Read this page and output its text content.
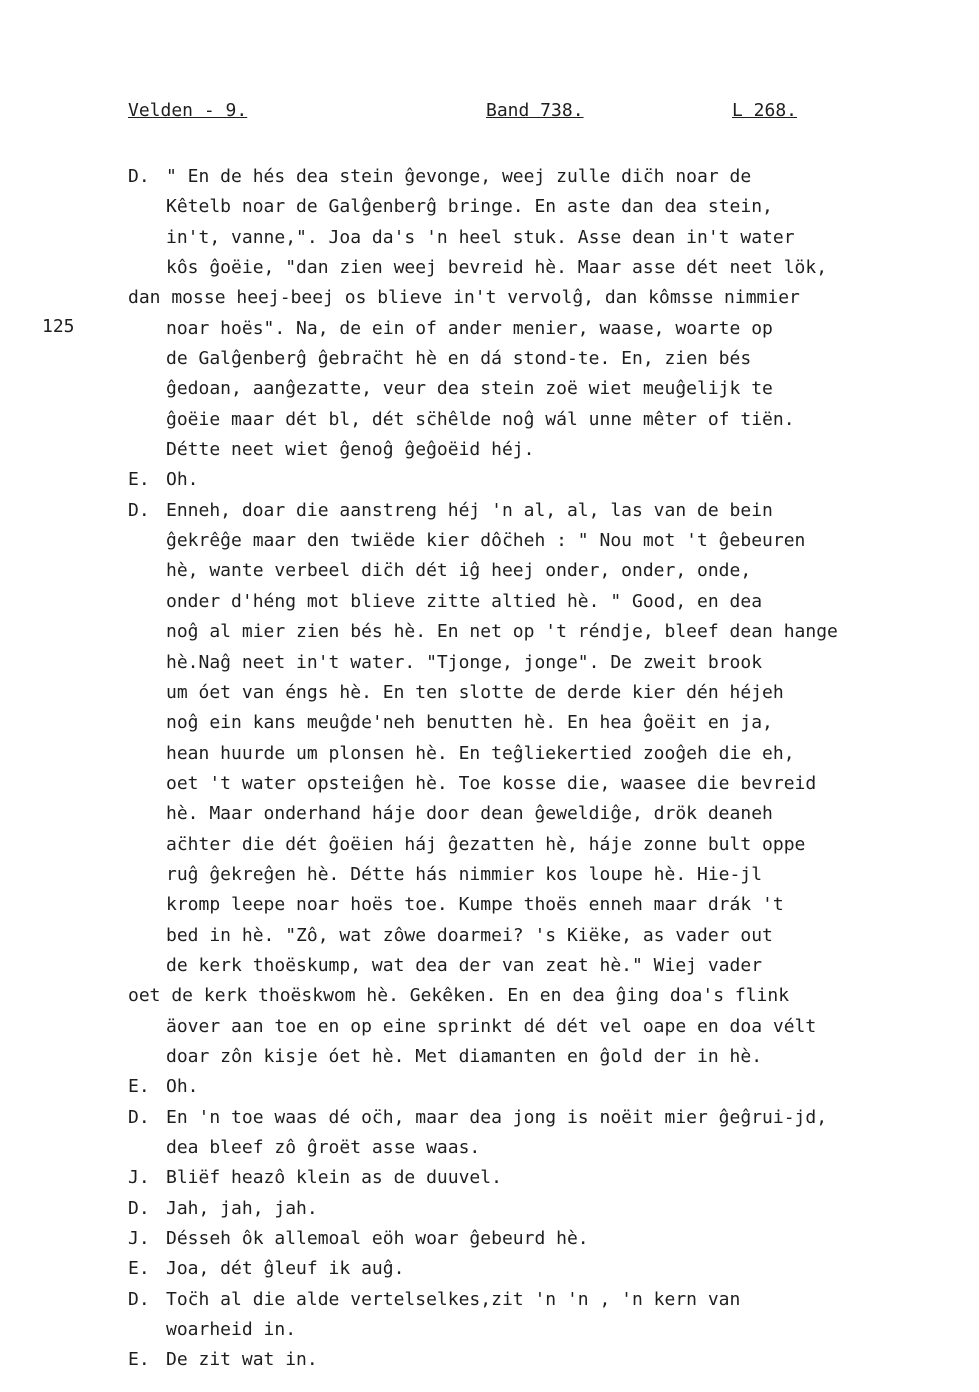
Velden - 9.	Band 738.	L 268.
125
D. " En de hés dea stein ĝevonge, weej zulle dic̈h noar de
Kêtelb noar de Galĝenberĝ bringe. En aste dan dea stein,
in't, vanne,". Joa da's 'n heel stuk. Asse dean in't water
kôs ĝoëie, "dan zien weej bevreid hè. Maar asse dét neet lök,
dan mosse heej-beej os blieve in't vervolĝ, dan kômsse nimmier
noar hoës". Na, de ein of ander menier, waase, woarte op
de Galĝenberĝ ĝebrac̈ht hè en dá stond-te. En, zien bés
ĝedoan, aanĝezatte, veur dea stein zoë wiet meuĝelijk te
ĝoëie maar dét bl, dét sc̈hêlde noĝ wál unne mêter of tiën.
Détte neet wiet ĝenoĝ ĝeĝoëid héj.
E. Oh.
D. Enneh, doar die aanstreng héj 'n al, al, las van de bein
ĝekrêĝe maar den twiëde kier dôc̈heh : " Nou mot 't ĝebeuren
hè, wante verbeel dic̈h dét iĝ heej onder, onder, onde,
onder d'héng mot blieve zitte altied hè. " Good, en dea
noĝ al mier zien bés hè. En net op 't réndje, bleef dean hange
hè.Naĝ neet in't water. "Tjonge, jonge". De zweit brook
um óet van éngs hè. En ten slotte de derde kier dén héjeh
noĝ ein kans meuĝde'neh benutten hè. En hea ĝoëit en ja,
hean huurde um plonsen hè. En teĝliekertied zooĝeh die eh,
oet 't water opsteiĝen hè. Toe kosse die, waasee die bevreid
hè. Maar onderhand háje door dean ĝeweldiĝe, drök deaneh
ac̈hter die dét ĝoëien háj ĝezatten hè, háje zonne bult oppe
ruĝ ĝekreĝen hè. Détte hás nimmier kos loupe hè. Hie-jl
kromp leepe noar hoës toe. Kumpe thoës enneh maar drák 't
bed in hè. "Zô, wat zôwe doarmei? 's Kiëke, as vader out
de kerk thoëskump, wat dea der van zeat hè." Wiej vader
oet de kerk thoëskwom hè. Gekêken. En en dea ĝing doa's flink
äover aan toe en op eine sprinkt dé dét vel oape en doa vélt
doar zôn kisje óet hè. Met diamanten en ĝold der in hè.
E. Oh.
D. En 'n toe waas dé oc̈h, maar dea jong is noëit mier ĝeĝrui-jd,
dea bleef zô ĝroët asse waas.
J. Bliëf heazô klein as de duuvel.
D. Jah, jah, jah.
J. Désseh ôk allemoal eöh woar ĝebeurd hè.
E. Joa, dét ĝleuf ik auĝ.
D. Toc̈h al die alde vertelselkes,zit 'n 'n , 'n kern van
woarheid in.
E. De zit wat in.
